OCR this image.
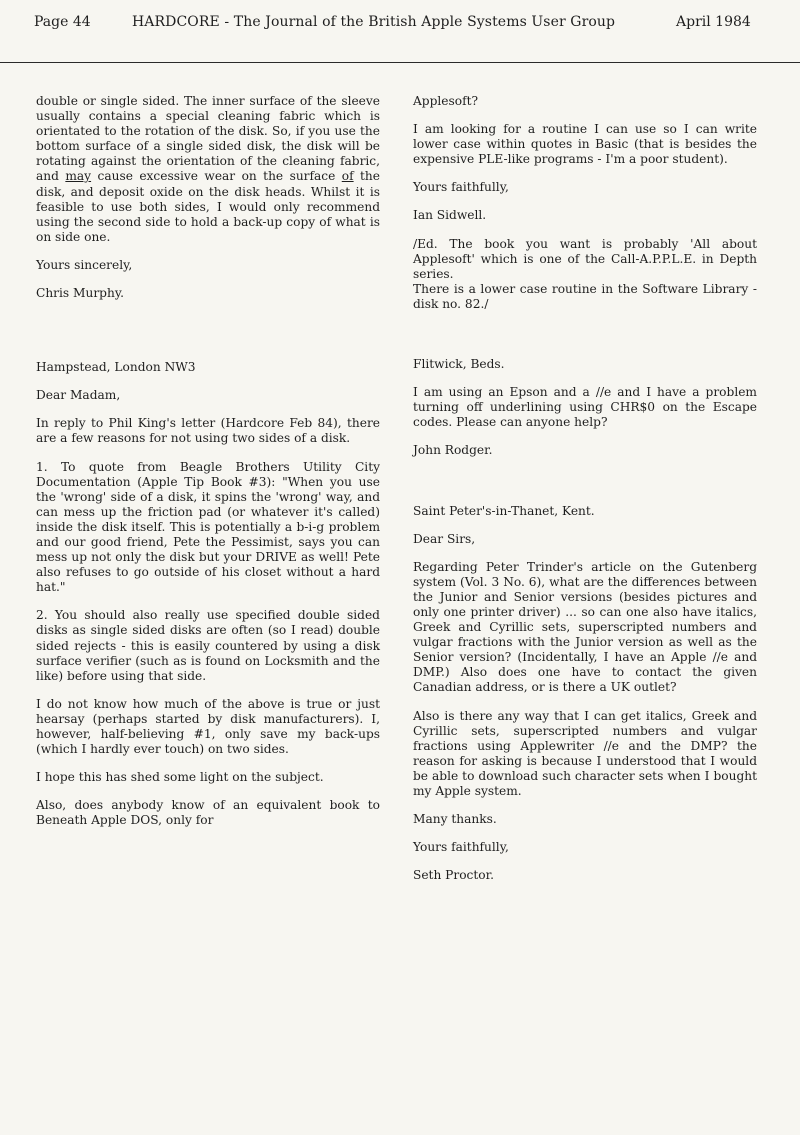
Page 44	HARDCORE - The Journal of the British Apple Systems User Group	April 1984

double or single sided. The inner surface of the sleeve usually contains a special cleaning fabric which is orientated to the rotation of the disk. So, if you use the bottom surface of a single sided disk, the disk will be rotating against the orientation of the cleaning fabric, and may cause excessive wear on the surface of the disk, and deposit oxide on the disk heads. Whilst it is feasible to use both sides, I would only recommend using the second side to hold a back-up copy of what is on side one.

Yours sincerely,

Chris Murphy.

Hampstead, London NW3

Dear Madam,

In reply to Phil King's letter (Hardcore Feb 84), there are a few reasons for not using two sides of a disk.

1. To quote from Beagle Brothers Utility City Documentation (Apple Tip Book #3): "When you use the 'wrong' side of a disk, it spins the 'wrong' way, and can mess up the friction pad (or whatever it's called) inside the disk itself. This is potentially a b-i-g problem and our good friend, Pete the Pessimist, says you can mess up not only the disk but your DRIVE as well! Pete also refuses to go outside of his closet without a hard hat."

2. You should also really use specified double sided disks as single sided disks are often (so I read) double sided rejects - this is easily countered by using a disk surface verifier (such as is found on Locksmith and the like) before using that side.

I do not know how much of the above is true or just hearsay (perhaps started by disk manufacturers). I, however, half-believing #1, only save my back-ups (which I hardly ever touch) on two sides.

I hope this has shed some light on the subject.

Also, does anybody know of an equivalent book to Beneath Apple DOS, only for

Applesoft?

I am looking for a routine I can use so I can write lower case within quotes in Basic (that is besides the expensive PLE-like programs - I'm a poor student).

Yours faithfully,

Ian Sidwell.

/Ed. The book you want is probably 'All about Applesoft' which is one of the Call-A.P.P.L.E. in Depth series.

There is a lower case routine in the Software Library - disk no. 82./

Flitwick, Beds.

I am using an Epson and a //e and I have a problem turning off underlining using CHR$0 on the Escape codes. Please can anyone help?

John Rodger.

Saint Peter's-in-Thanet, Kent.

Dear Sirs,

Regarding Peter Trinder's article on the Gutenberg system (Vol. 3 No. 6), what are the differences between the Junior and Senior versions (besides pictures and only one printer driver) ... so can one also have italics, Greek and Cyrillic sets, superscripted numbers and vulgar fractions with the Junior version as well as the Senior version? (Incidentally, I have an Apple //e and DMP.) Also does one have to contact the given Canadian address, or is there a UK outlet?

Also is there any way that I can get italics, Greek and Cyrillic sets, superscripted numbers and vulgar fractions using Applewriter //e and the DMP? the reason for asking is because I understood that I would be able to download such character sets when I bought my Apple system.

Many thanks.

Yours faithfully,

Seth Proctor.
